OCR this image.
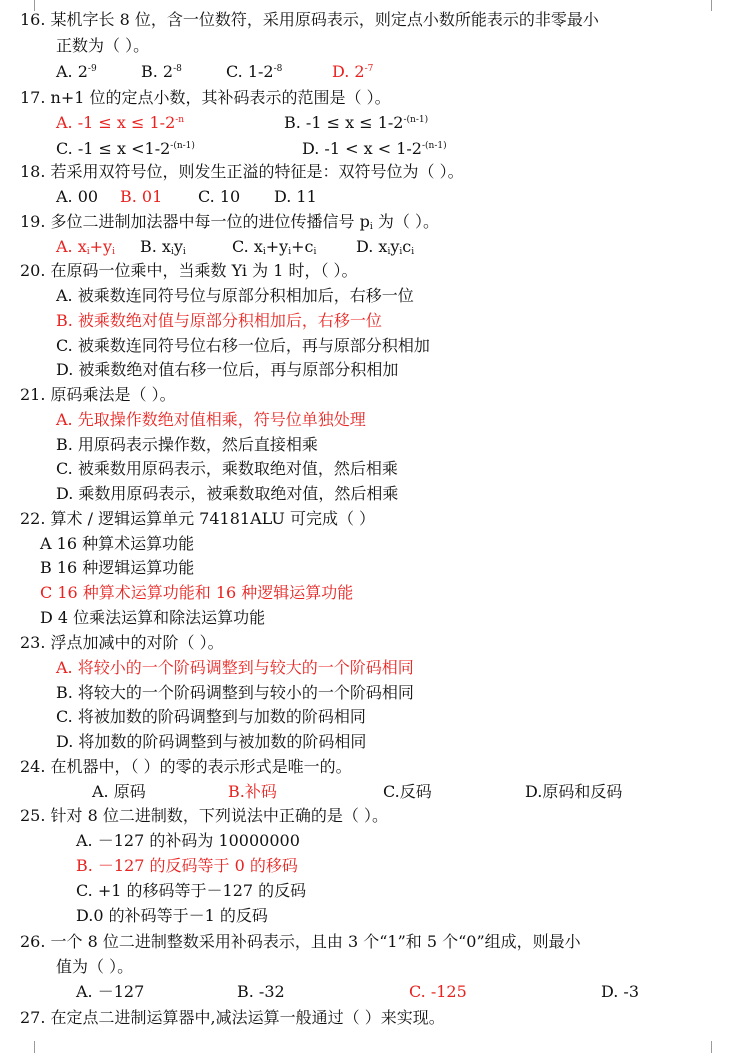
16. 某机字长 8 位，含一位数符，采用原码表示，则定点小数所能表示的非零最小
正数为（ ）。
A. $2^{-9}$	B. $2^{-8}$	C. $1-2^{-8}$	D. $2^{-7}$
17. n+1 位的定点小数，其补码表示的范围是（ ）。
A. $-1 \le x \le 1-2^{-n}$	B. $-1 \le x \le 1-2^{-(n-1)}$
C. $-1 \le x <1-2^{-(n-1)}$	D. $-1 < x < 1-2^{-(n-1)}$
18. 若采用双符号位，则发生正溢的特征是：双符号位为（ ）。
A. 00 B. 01 C. 10 D. 11
19. 多位二进制加法器中每一位的进位传播信号 $p_i$ 为（ ）。
A. $x_i+y_i$ B. $x_iy_i$	C. $x_i+y_i+c_i$ D. $x_iy_ic_i$
20. 在原码一位乘中，当乘数 Yi 为 1 时，（ ）。
A. 被乘数连同符号位与原部分积相加后，右移一位
B. 被乘数绝对值与原部分积相加后，右移一位
C. 被乘数连同符号位右移一位后，再与原部分积相加
D. 被乘数绝对值右移一位后，再与原部分积相加
21. 原码乘法是（ ）。
A. 先取操作数绝对值相乘，符号位单独处理
B. 用原码表示操作数，然后直接相乘
C. 被乘数用原码表示，乘数取绝对值，然后相乘
D. 乘数用原码表示，被乘数取绝对值，然后相乘
22. 算术 / 逻辑运算单元 74181ALU 可完成（ ）
A 16 种算术运算功能
B 16 种逻辑运算功能
C 16 种算术运算功能和 16 种逻辑运算功能
D 4 位乘法运算和除法运算功能
23. 浮点加减中的对阶（ ）。
A. 将较小的一个阶码调整到与较大的一个阶码相同
B. 将较大的一个阶码调整到与较小的一个阶码相同
C. 将被加数的阶码调整到与加数的阶码相同
D. 将加数的阶码调整到与被加数的阶码相同
24. 在机器中，（ ）的零的表示形式是唯一的。
A. 原码	B.补码	C.反码	D.原码和反码
25. 针对 8 位二进制数，下列说法中正确的是（ ）。
A. －127 的补码为 10000000
B. －127 的反码等于 0 的移码
C. +1 的移码等于－127 的反码
D.0 的补码等于－1 的反码
26. 一个 8 位二进制整数采用补码表示，且由 3 个“1”和 5 个“0”组成，则最小
值为（ ）。
A. －127	B. -32	C. -125	D. -3
27. 在定点二进制运算器中,减法运算一般通过（ ）来实现。
